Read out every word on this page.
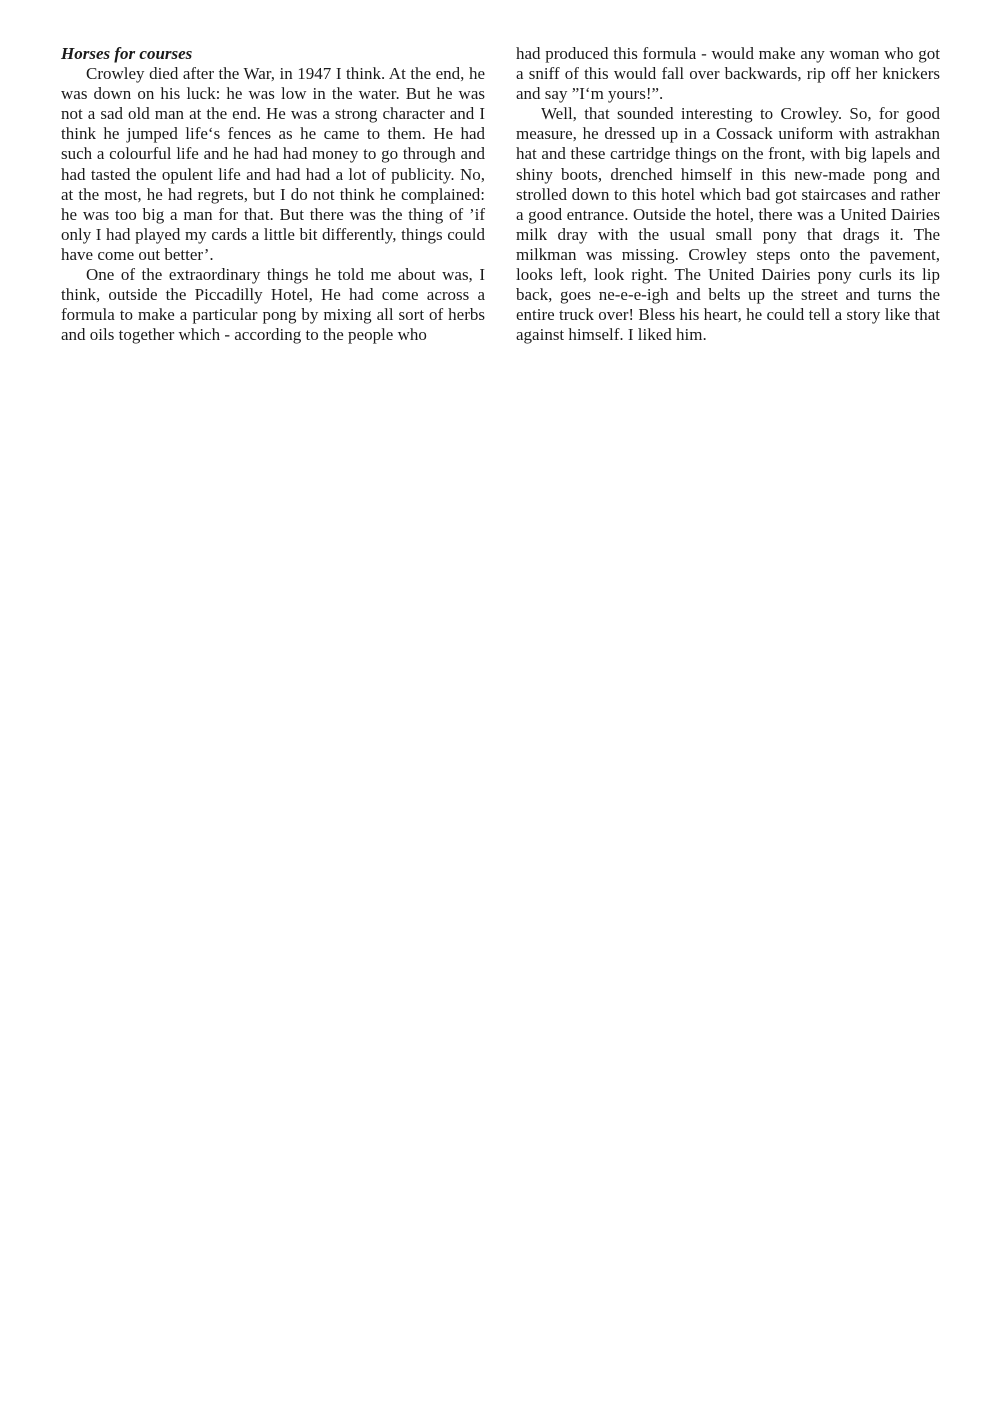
Horses for courses

Crowley died after the War, in 1947 I think. At the end, he was down on his luck: he was low in the water. But he was not a sad old man at the end. He was a strong character and I think he jumped life‘s fences as he came to them. He had such a colourful life and he had had money to go through and had tasted the opulent life and had had a lot of publicity. No, at the most, he had regrets, but I do not think he complained: he was too big a man for that. But there was the thing of ’if only I had played my cards a little bit differently, things could have come out better’.

One of the extraordinary things he told me about was, I think, outside the Piccadilly Hotel, He had come across a formula to make a particular pong by mixing all sort of herbs and oils together which - according to the people who

had produced this formula - would make any woman who got a sniff of this would fall over backwards, rip off her knickers and say ”I‘m yours!”.

Well, that sounded interesting to Crowley. So, for good measure, he dressed up in a Cossack uniform with astrakhan hat and these cartridge things on the front, with big lapels and shiny boots, drenched himself in this new-made pong and strolled down to this hotel which bad got staircases and rather a good entrance. Outside the hotel, there was a United Dairies milk dray with the usual small pony that drags it. The milkman was missing. Crowley steps onto the pavement, looks left, look right. The United Dairies pony curls its lip back, goes ne-e-e-igh and belts up the street and turns the entire truck over! Bless his heart, he could tell a story like that against himself. I liked him.
